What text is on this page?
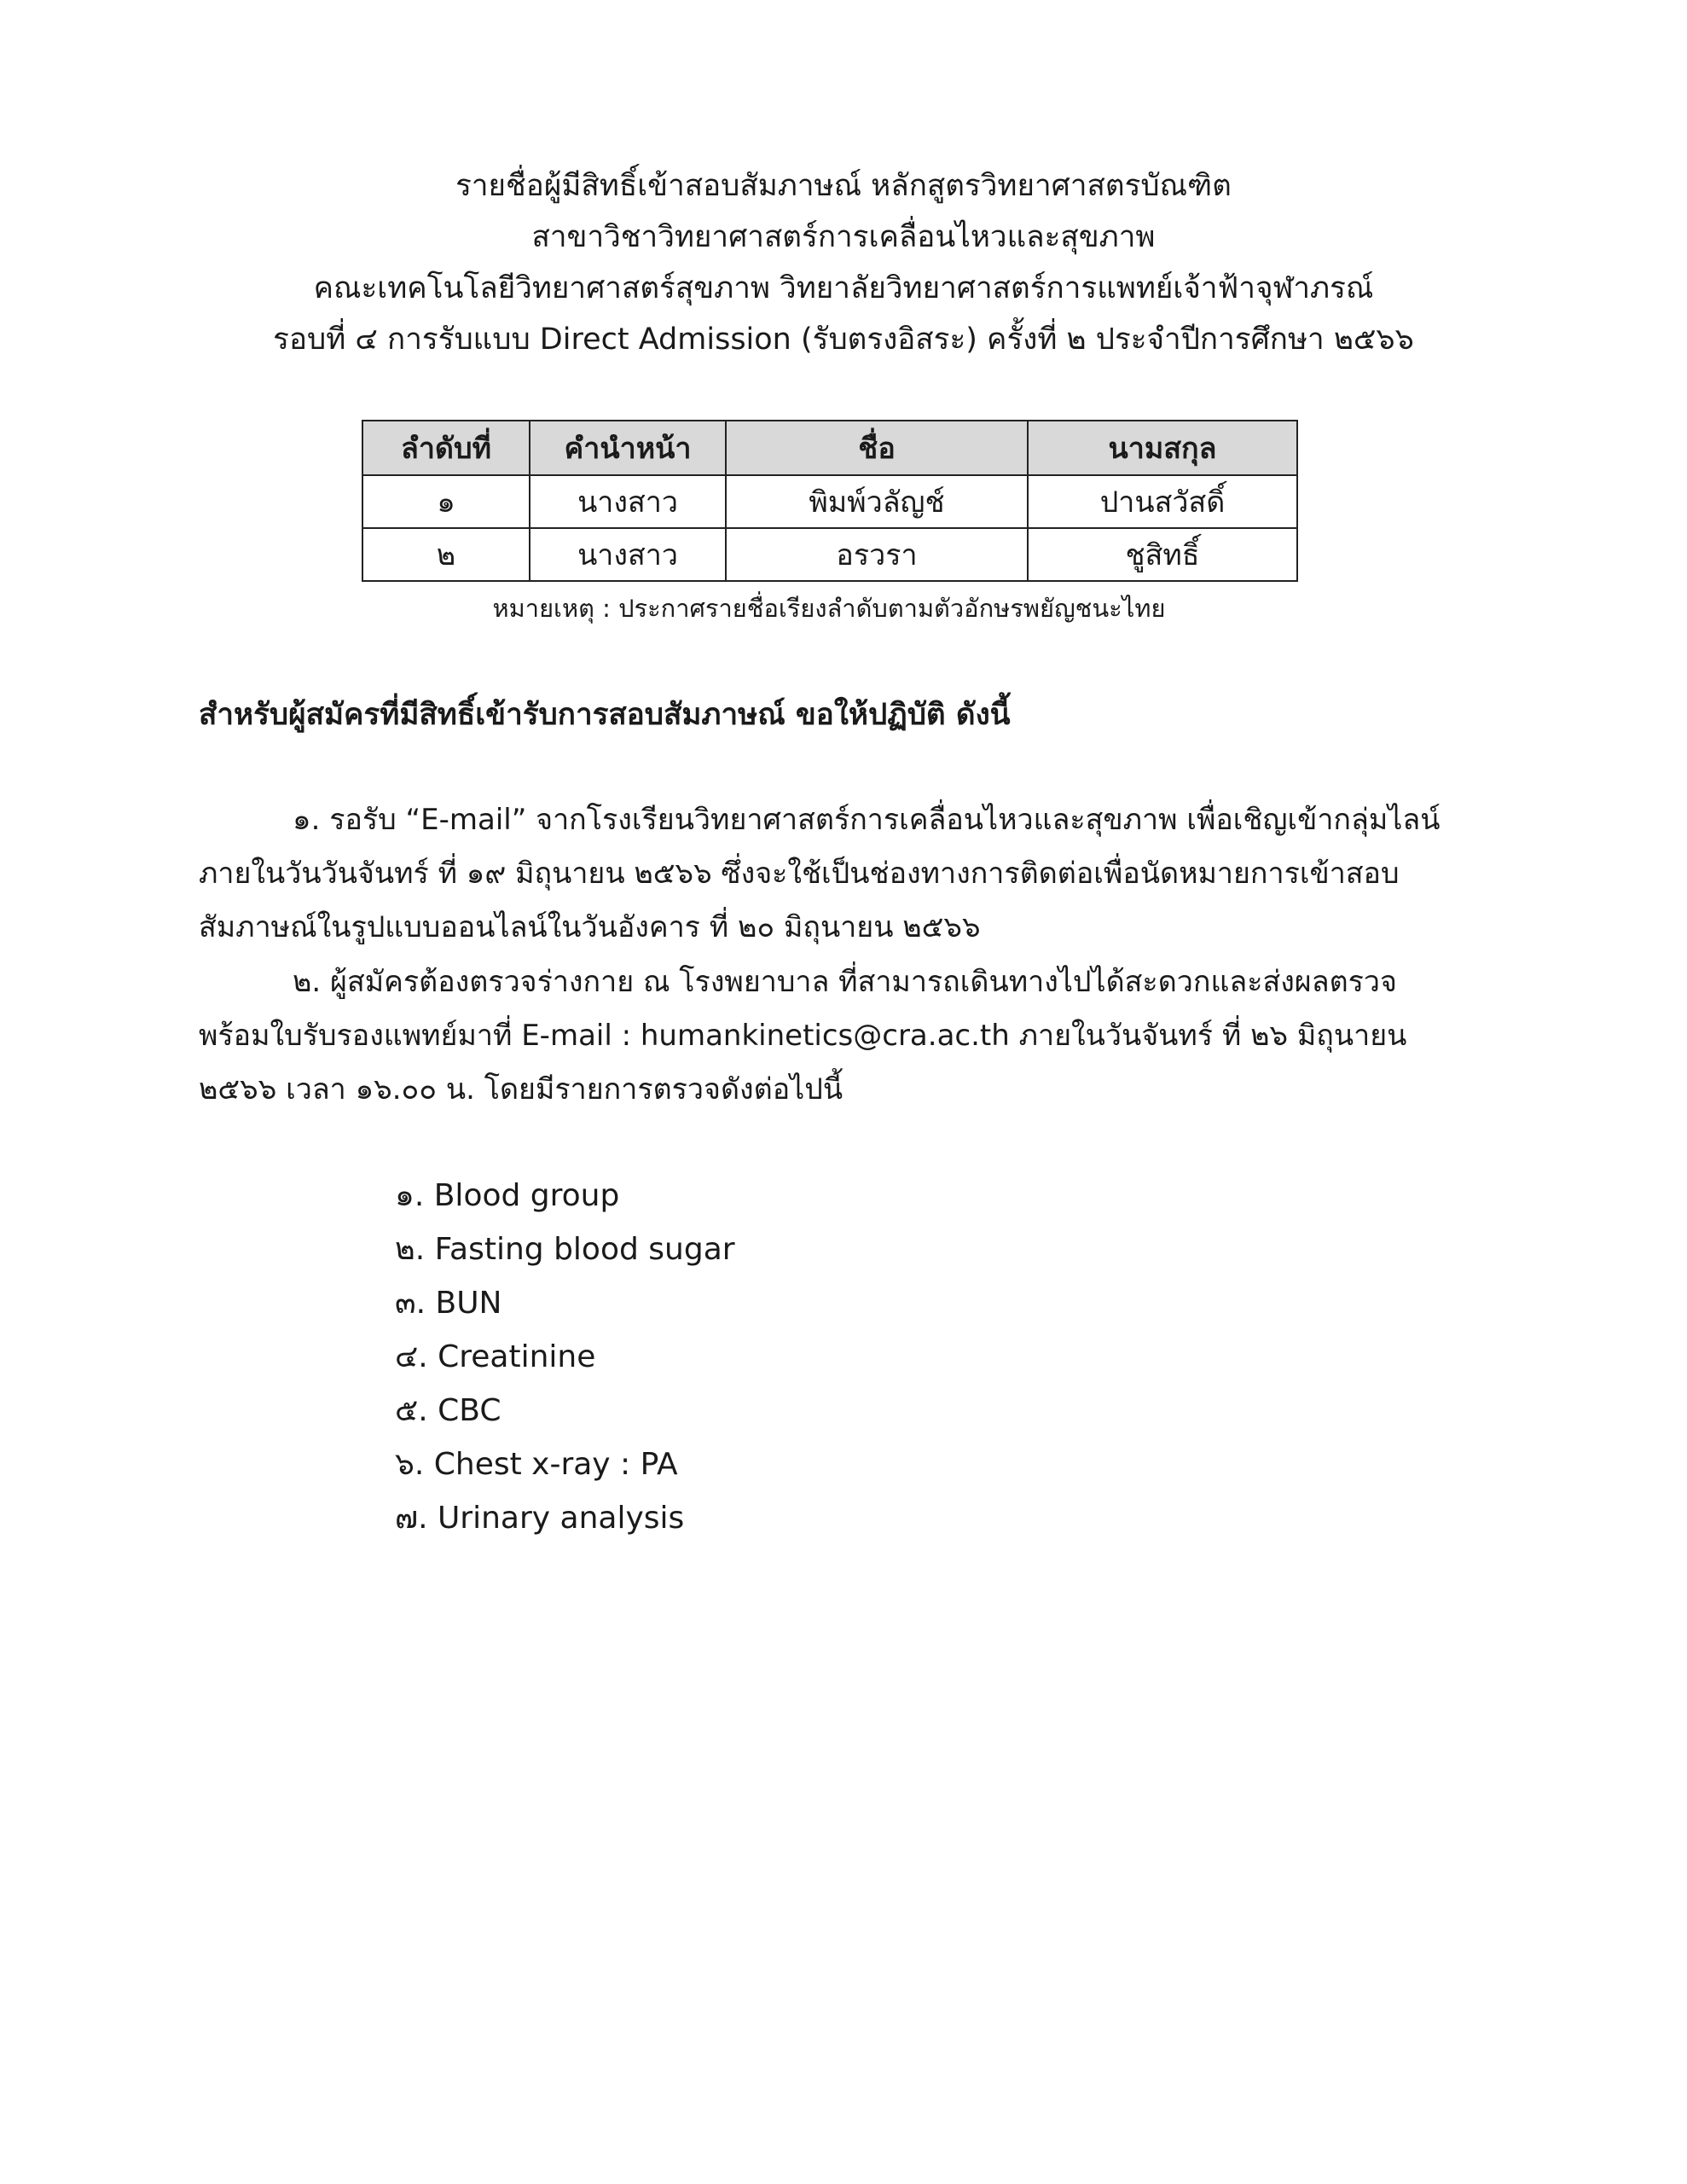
รายชื่อผู้มีสิทธิ์เข้าสอบสัมภาษณ์ หลักสูตรวิทยาศาสตรบัณฑิต
สาขาวิชาวิทยาศาสตร์การเคลื่อนไหวและสุขภาพ
คณะเทคโนโลยีวิทยาศาสตร์สุขภาพ วิทยาลัยวิทยาศาสตร์การแพทย์เจ้าฟ้าจุฬาภรณ์
รอบที่ ๔ การรับแบบ Direct Admission (รับตรงอิสระ) ครั้งที่ ๒ ประจำปีการศึกษา ๒๕๖๖
ลำดับที่	คำนำหน้า	ชื่อ	นามสกุล
๑	นางสาว	พิมพ์วลัญช์	ปานสวัสดิ์
๒	นางสาว	อรวรา	ชูสิทธิ์
หมายเหตุ : ประกาศรายชื่อเรียงลำดับตามตัวอักษรพยัญชนะไทย
สำหรับผู้สมัครที่มีสิทธิ์เข้ารับการสอบสัมภาษณ์ ขอให้ปฏิบัติ ดังนี้
๑. รอรับ “E-mail” จากโรงเรียนวิทยาศาสตร์การเคลื่อนไหวและสุขภาพ เพื่อเชิญเข้ากลุ่มไลน์
ภายในวันวันจันทร์ ที่ ๑๙ มิถุนายน ๒๕๖๖ ซึ่งจะใช้เป็นช่องทางการติดต่อเพื่อนัดหมายการเข้าสอบ
สัมภาษณ์ในรูปแบบออนไลน์ในวันอังคาร ที่ ๒๐ มิถุนายน ๒๕๖๖
๒. ผู้สมัครต้องตรวจร่างกาย ณ โรงพยาบาล ที่สามารถเดินทางไปได้สะดวกและส่งผลตรวจ
พร้อมใบรับรองแพทย์มาที่ E-mail : humankinetics@cra.ac.th ภายในวันจันทร์ ที่ ๒๖ มิถุนายน
๒๕๖๖ เวลา ๑๖.๐๐ น. โดยมีรายการตรวจดังต่อไปนี้
๑. Blood group
๒. Fasting blood sugar
๓. BUN
๔. Creatinine
๕. CBC
๖. Chest x-ray : PA
๗. Urinary analysis
